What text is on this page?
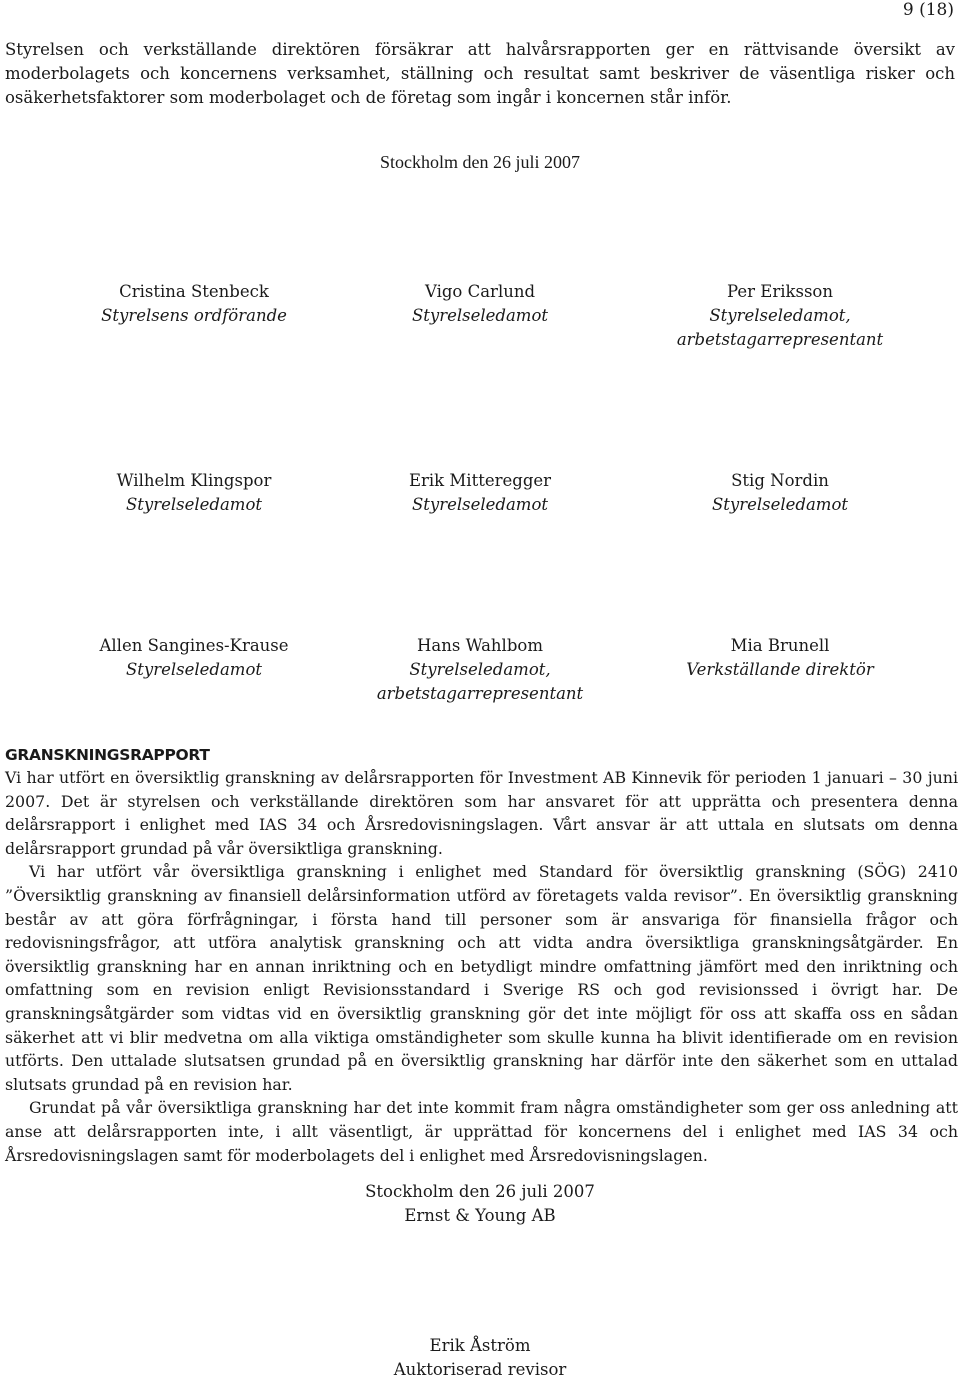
9 (18)

Styrelsen och verkställande direktören försäkrar att halvårsrapporten ger en rättvisande översikt av moderbolagets och koncernens verksamhet, ställning och resultat samt beskriver de väsentliga risker och osäkerhetsfaktorer som moderbolaget och de företag som ingår i koncernen står inför.

Stockholm den 26 juli 2007
Cristina Stenbeck
Styrelsens ordförande
Vigo Carlund
Styrelseledamot
Per Eriksson
Styrelseledamot,
arbetstagarrepresentant
Wilhelm Klingspor
Styrelseledamot
Erik Mitteregger
Styrelseledamot
Stig Nordin
Styrelseledamot
Allen Sangines-Krause
Styrelseledamot
Hans Wahlbom
Styrelseledamot,
arbetstagarrepresentant
Mia Brunell
Verkställande direktör
GRANSKNINGSRAPPORT

Vi har utfört en översiktlig granskning av delårsrapporten för Investment AB Kinnevik för perioden 1 januari – 30 juni 2007. Det är styrelsen och verkställande direktören som har ansvaret för att upprätta och presentera denna delårsrapport i enlighet med IAS 34 och Årsredovisningslagen. Vårt ansvar är att uttala en slutsats om denna delårsrapport grundad på vår översiktliga granskning.

Vi har utfört vår översiktliga granskning i enlighet med Standard för översiktlig granskning (SÖG) 2410 ”Översiktlig granskning av finansiell delårsinformation utförd av företagets valda revisor”. En översiktlig granskning består av att göra förfrågningar, i första hand till personer som är ansvariga för finansiella frågor och redovisningsfrågor, att utföra analytisk granskning och att vidta andra översiktliga granskningsåtgärder. En översiktlig granskning har en annan inriktning och en betydligt mindre omfattning jämfört med den inriktning och omfattning som en revision enligt Revisionsstandard i Sverige RS och god revisionssed i övrigt har. De granskningsåtgärder som vidtas vid en översiktlig granskning gör det inte möjligt för oss att skaffa oss en sådan säkerhet att vi blir medvetna om alla viktiga omständigheter som skulle kunna ha blivit identifierade om en revision utförts. Den uttalade slutsatsen grundad på en översiktlig granskning har därför inte den säkerhet som en uttalad slutsats grundad på en revision har.

Grundat på vår översiktliga granskning har det inte kommit fram några omständigheter som ger oss anledning att anse att delårsrapporten inte, i allt väsentligt, är upprättad för koncernens del i enlighet med IAS 34 och Årsredovisningslagen samt för moderbolagets del i enlighet med Årsredovisningslagen.

Stockholm den 26 juli 2007
Ernst & Young AB
Erik Åström
Auktoriserad revisor
